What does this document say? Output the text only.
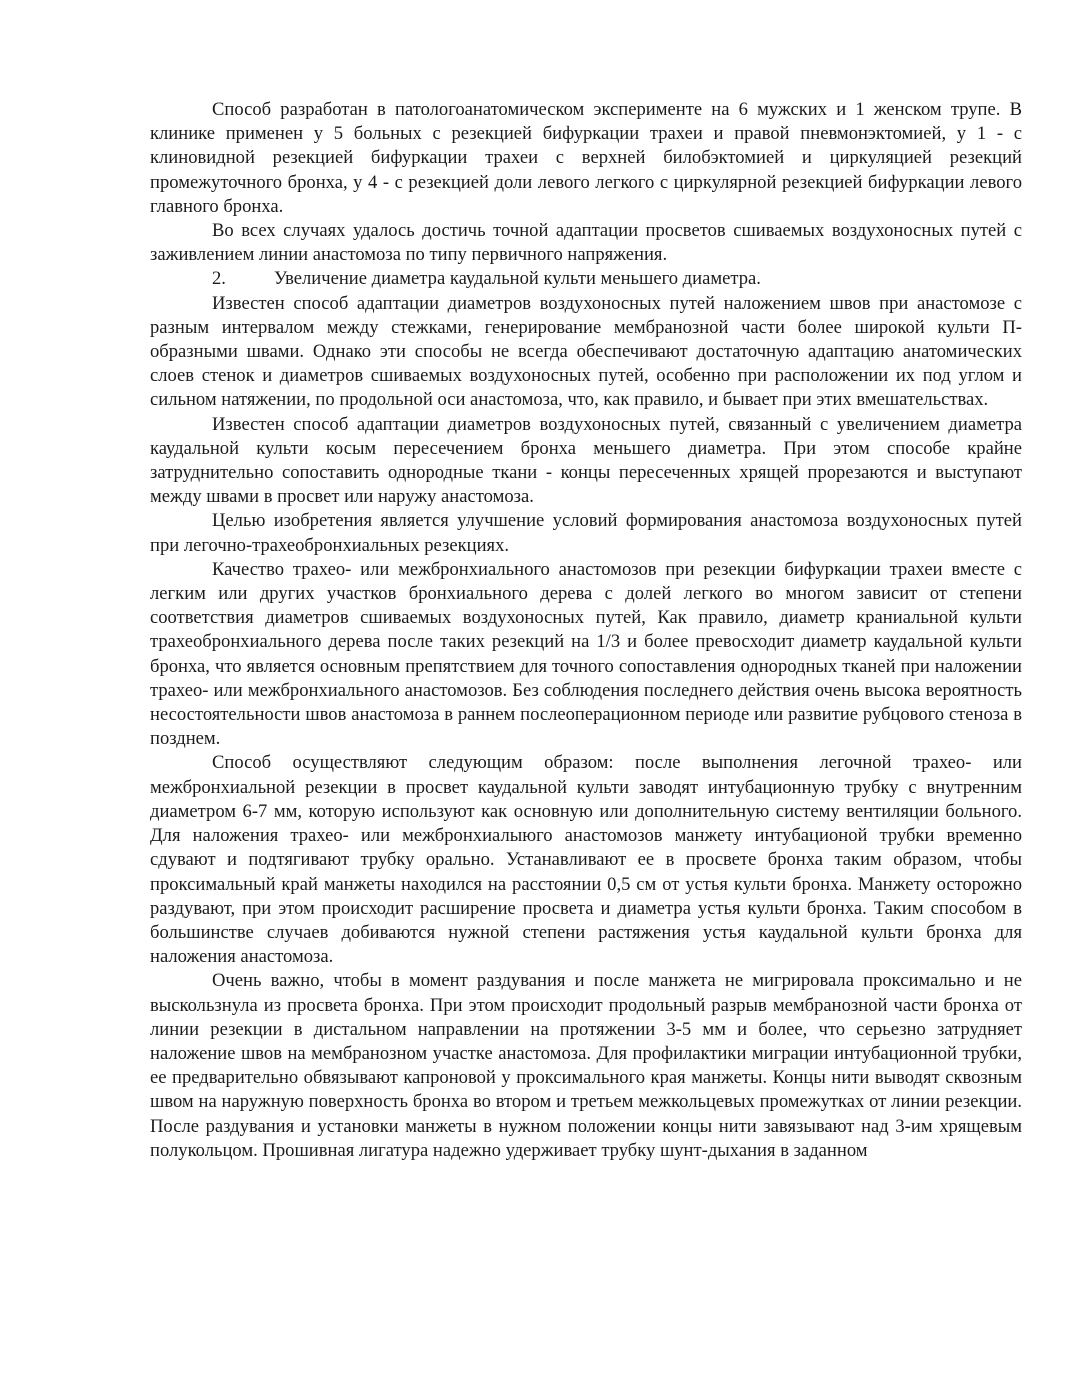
Способ разработан в патологоанатомическом эксперименте на 6 мужских и 1 женском трупе. В клинике применен у 5 больных с резекцией бифуркации трахеи и правой пневмонэктомией, у 1 - с клиновидной резекцией бифуркации трахеи с верхней билобэктомией и циркуляцией резекций промежуточного бронха, у 4 - с резекцией доли левого легкого с циркулярной резекцией бифуркации левого главного бронха.

Во всех случаях удалось достичь точной адаптации просветов сшиваемых воздухоносных путей с заживлением линии анастомоза по типу первичного напряжения.

2.	Увеличение диаметра каудальной культи меньшего диаметра.

Известен способ адаптации диаметров воздухоносных путей наложением швов при анастомозе с разным интервалом между стежками, генерирование мембранозной части более широкой культи П-образными швами. Однако эти способы не всегда обеспечивают достаточную адаптацию анатомических слоев стенок и диаметров сшиваемых воздухоносных путей, особенно при расположении их под углом и сильном натяжении, по продольной оси анастомоза, что, как правило, и бывает при этих вмешательствах.

Известен способ адаптации диаметров воздухоносных путей, связанный с увеличением диаметра каудальной культи косым пересечением бронха меньшего диаметра. При этом способе крайне затруднительно сопоставить однородные ткани - концы пересеченных хрящей прорезаются и выступают между швами в просвет или наружу анастомоза.

Целью изобретения является улучшение условий формирования анастомоза воздухоносных путей при легочно-трахеобронхиальных резекциях.

Качество трахео- или межбронхиального анастомозов при резекции бифуркации трахеи вместе с легким или других участков бронхиального дерева с долей легкого во многом зависит от степени соответствия диаметров сшиваемых воздухоносных путей, Как правило, диаметр краниальной культи трахеобронхиального дерева после таких резекций на 1/3 и более превосходит диаметр каудальной культи бронха, что является основным препятствием для точного сопоставления однородных тканей при наложении трахео- или межбронхиального анастомозов. Без соблюдения последнего действия очень высока вероятность несостоятельности швов анастомоза в раннем послеоперационном периоде или развитие рубцового стеноза в позднем.

Способ осуществляют следующим образом: после выполнения легочной трахео- или межбронхиальной резекции в просвет каудальной культи заводят интубационную трубку с внутренним диаметром 6-7 мм, которую используют как основную или дополнительную систему вентиляции больного. Для наложения трахео- или межбронхиалыюго анастомозов манжету интубационой трубки временно сдувают и подтягивают трубку орально. Устанавливают ее в просвете бронха таким образом, чтобы проксимальный край манжеты находился на расстоянии 0,5 см от устья культи бронха. Манжету осторожно раздувают, при этом происходит расширение просвета и диаметра устья культи бронха. Таким способом в большинстве случаев добиваются нужной степени растяжения устья каудальной культи бронха для наложения анастомоза.

Очень важно, чтобы в момент раздувания и после манжета не мигрировала проксимально и не выскользнула из просвета бронха. При этом происходит продольный разрыв мембранозной части бронха от линии резекции в дистальном направлении на протяжении 3-5 мм и более, что серьезно затрудняет наложение швов на мембранозном участке анастомоза. Для профилактики миграции интубационной трубки, ее предварительно обвязывают капроновой у проксимального края манжеты. Концы нити выводят сквозным швом на наружную поверхность бронха во втором и третьем межкольцевых промежутках от линии резекции. После раздувания и установки манжеты в нужном положении концы нити завязывают над 3-им хрящевым полукольцом. Прошивная лигатура надежно удерживает трубку шунт-дыхания в заданном
